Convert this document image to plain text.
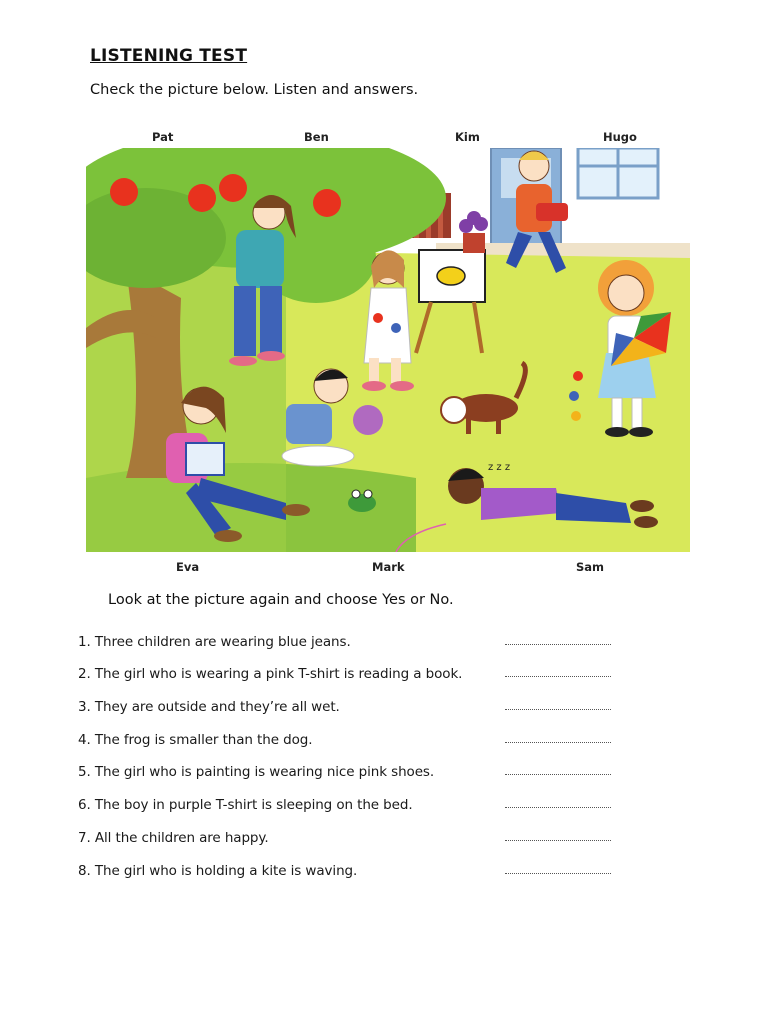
LISTENING TEST
Check the picture below. Listen and answers.
Pat	Ben	Kim	Hugo
z z z
Eva	Mark	Sam
Look at the picture again and choose Yes or No.
1. Three children are wearing blue jeans.
2. The girl who is wearing a pink T-shirt is reading a book.
3. They are outside and they’re all wet.
4. The frog is smaller than the dog.
5. The girl who is painting is wearing nice pink shoes.
6. The boy in purple T-shirt is sleeping on the bed.
7. All the children are happy.
8. The girl who is holding a kite is waving.
